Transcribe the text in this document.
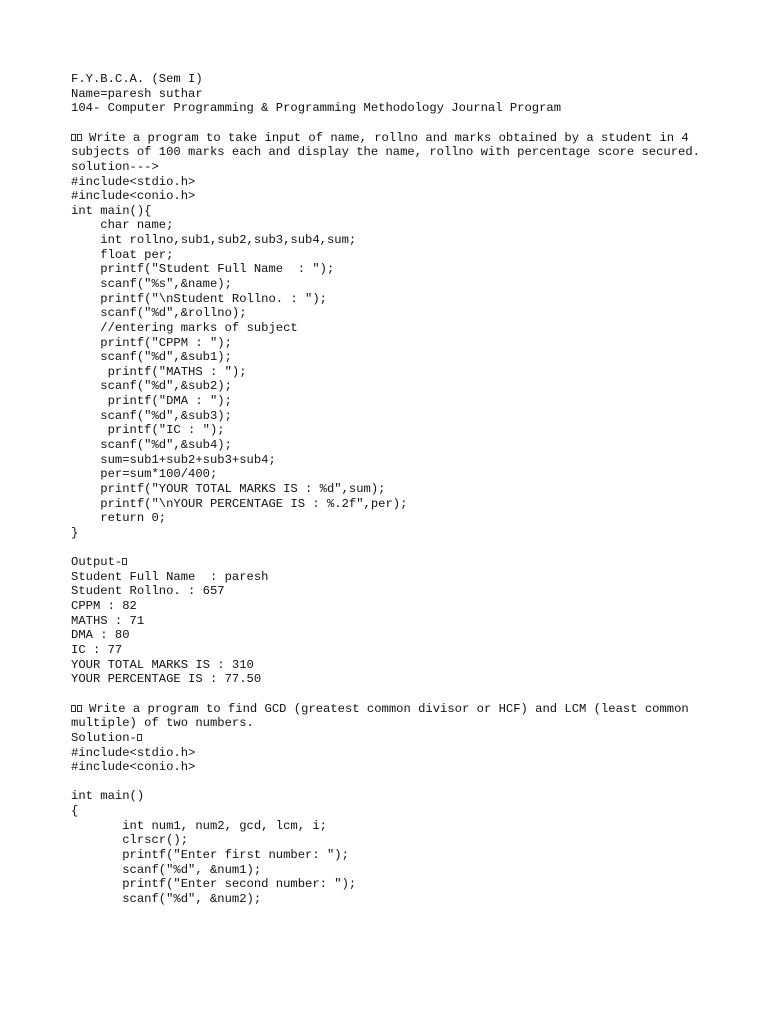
F.Y.B.C.A. (Sem I)
Name=paresh suthar
104- Computer Programming & Programming Methodology Journal Program
Write a program to take input of name, rollno and marks obtained by a student in 4 subjects of 100 marks each and display the name, rollno with percentage score secured.
solution--->
#include<stdio.h>
#include<conio.h>
int main(){
char name;
int rollno,sub1,sub2,sub3,sub4,sum;
float per;
printf("Student Full Name  : ");
scanf("%s",&name);
printf("\nStudent Rollno. : ");
scanf("%d",&rollno);
//entering marks of subject
printf("CPPM : ");
scanf("%d",&sub1);
printf("MATHS : ");
scanf("%d",&sub2);
printf("DMA : ");
scanf("%d",&sub3);
printf("IC : ");
scanf("%d",&sub4);
sum=sub1+sub2+sub3+sub4;
per=sum*100/400;
printf("YOUR TOTAL MARKS IS : %d",sum);
printf("\nYOUR PERCENTAGE IS : %.2f",per);
return 0;
}
Output-
Student Full Name  : paresh
Student Rollno. : 657
CPPM : 82
MATHS : 71
DMA : 80
IC : 77
YOUR TOTAL MARKS IS : 310
YOUR PERCENTAGE IS : 77.50
Write a program to find GCD (greatest common divisor or HCF) and LCM (least common multiple) of two numbers.
Solution-
#include<stdio.h>
#include<conio.h>
int main()
{
int num1, num2, gcd, lcm, i;
clrscr();
printf("Enter first number: ");
scanf("%d", &num1);
printf("Enter second number: ");
scanf("%d", &num2);
